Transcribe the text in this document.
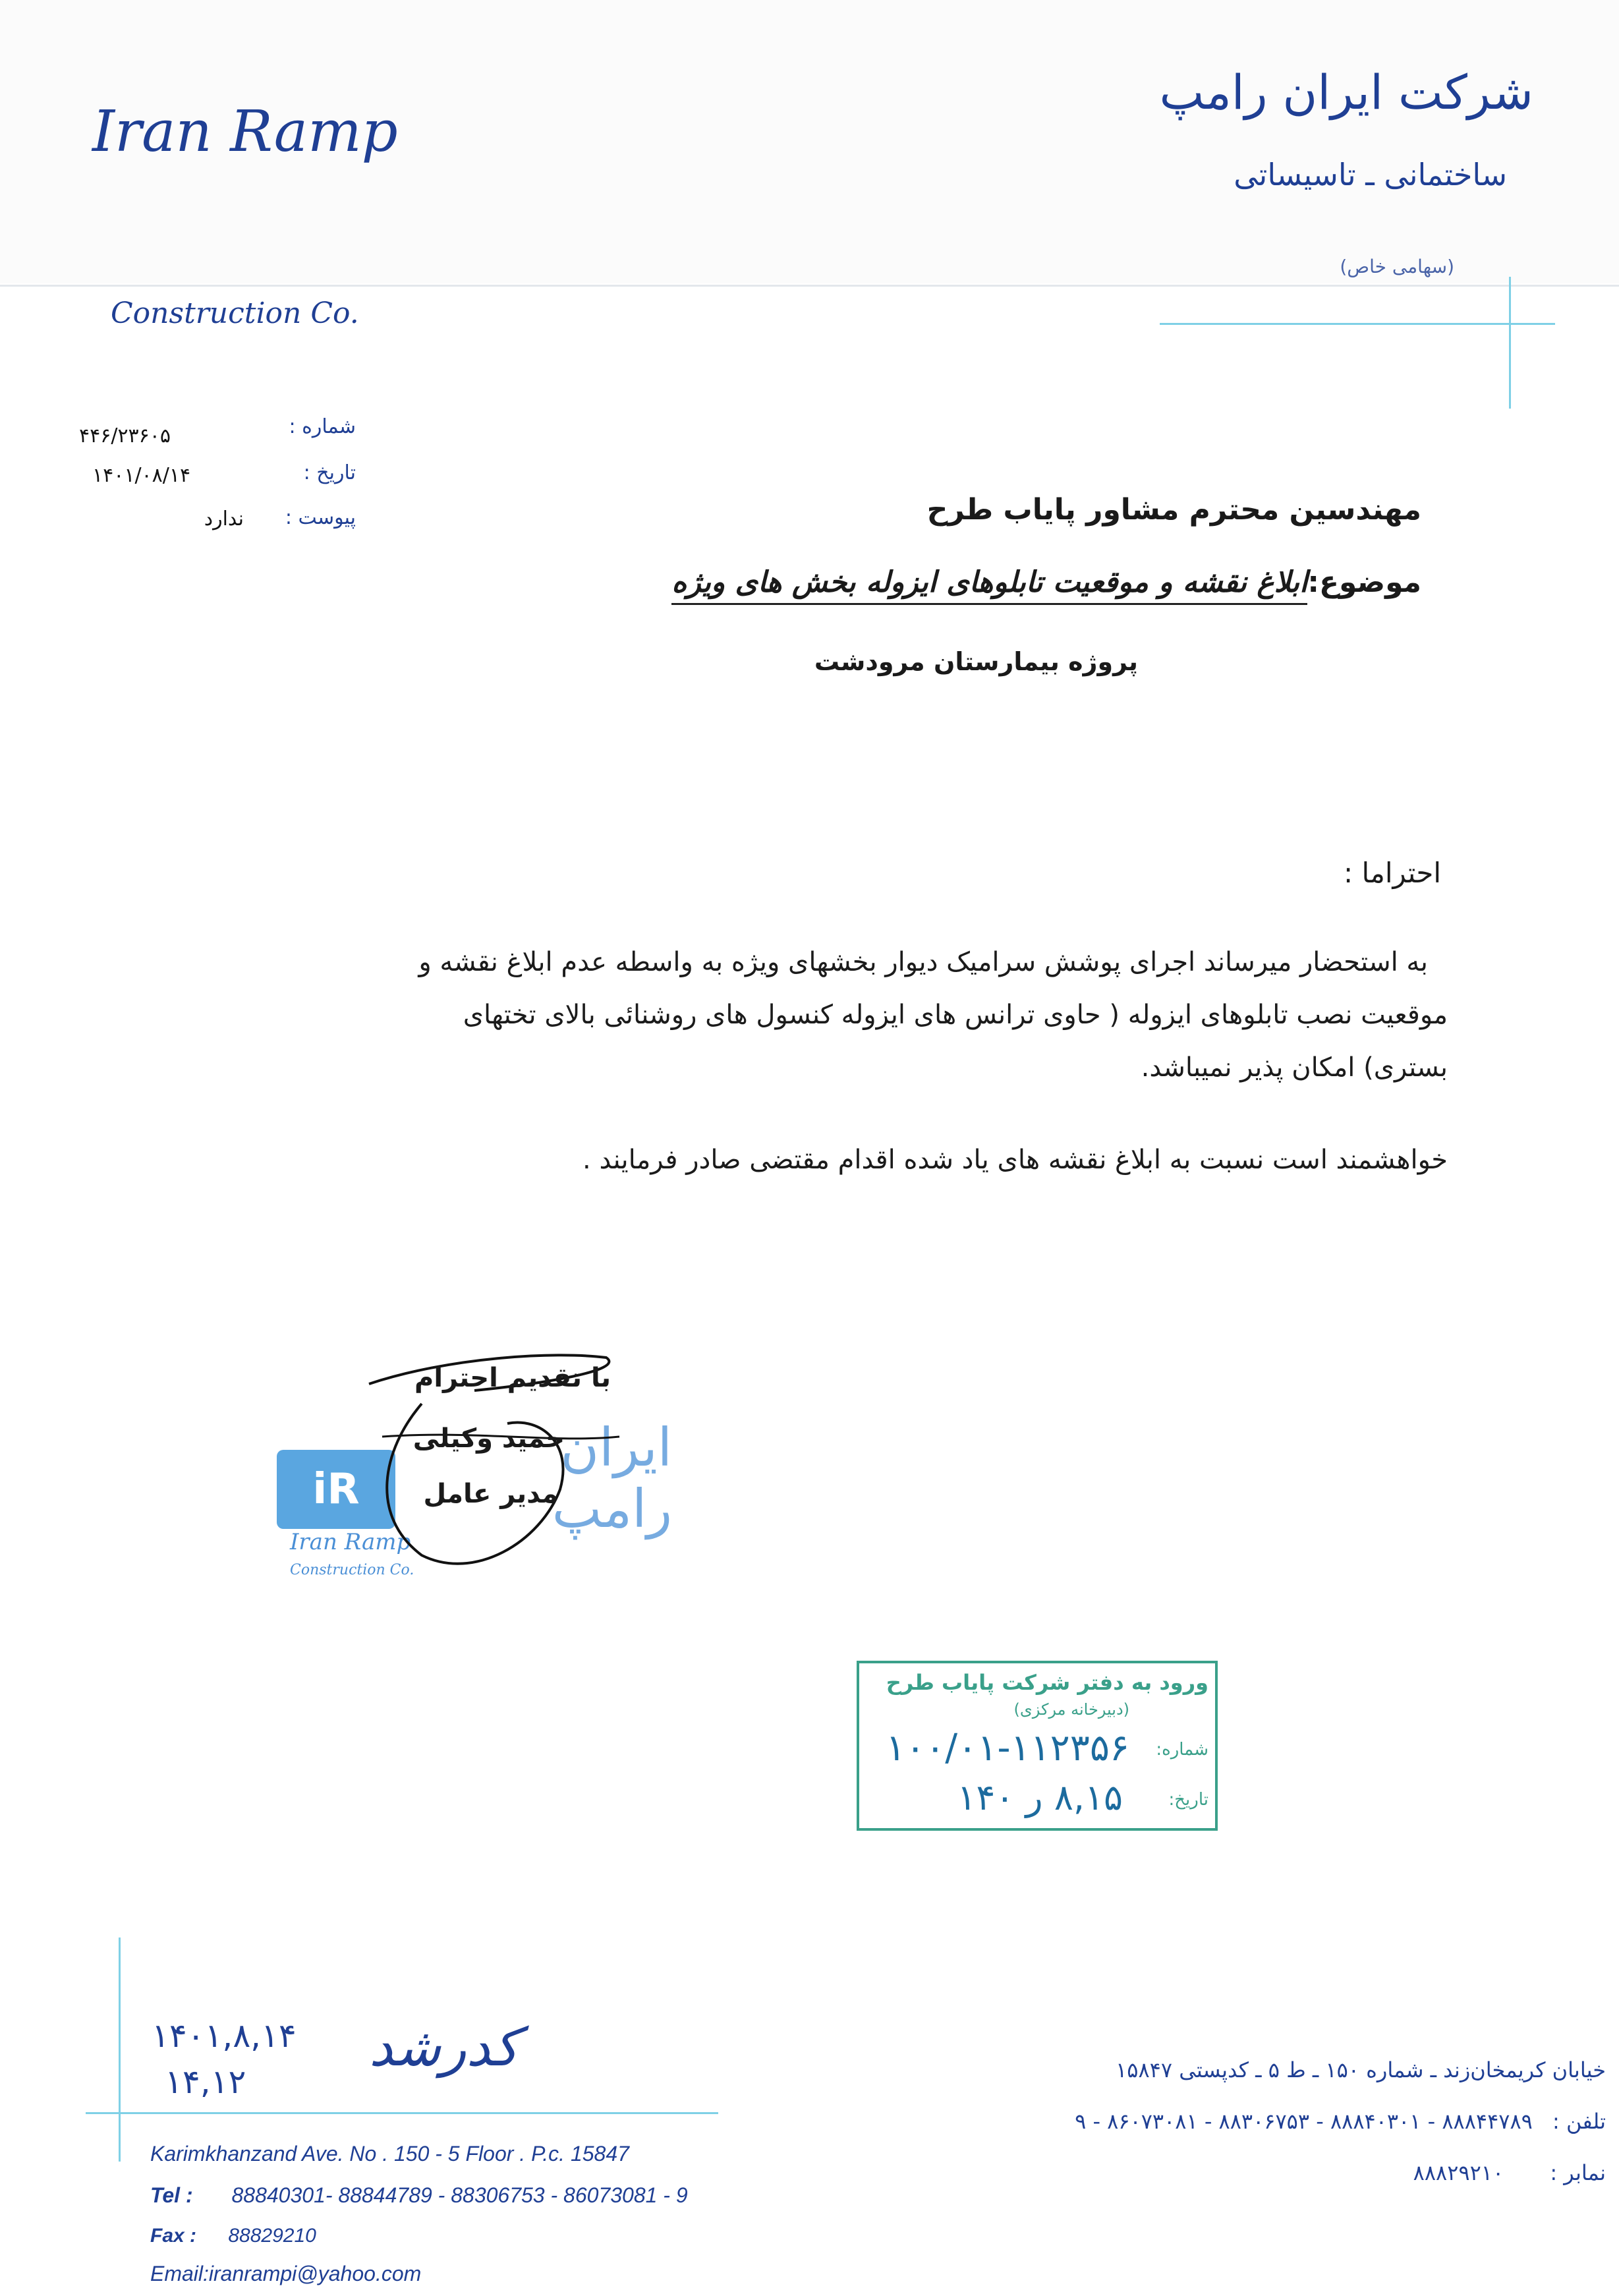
Iran Ramp
Construction Co.
شرکت ایران رامپ
ساختمانی ـ تاسیساتی
(سهامی خاص)
شماره :
۴۴۶/۲۳۶۰۵
تاریخ :
۱۴۰۱/۰۸/۱۴
پیوست :
ندارد	مهندسین محترم مشاور پایاب طرح
موضوع:ابلاغ نقشه و موقعیت تابلوهای ایزوله بخش های ویژه
پروژه بیمارستان مرودشت
احتراما :
به استحضار میرساند اجرای پوشش سرامیک دیوار بخشهای ویژه به واسطه عدم ابلاغ نقشه و
موقعیت نصب تابلوهای ایزوله ( حاوی ترانس های ایزوله کنسول های روشنائی بالای تختهای
بستری) امکان پذیر نمیباشد.
خواهشمند است نسبت به ابلاغ نقشه های یاد شده اقدام مقتضی صادر فرمایند .
iR
ایران رامپ
Iran Ramp
Construction Co.
با تقدیم احترام
حمید وکیلی
مدیر عامل
ورود به دفتر شرکت پایاب طرح
(دبیرخانه مرکزی)
شماره:
۱۰۰/۰۱-۱۱۲۳۵۶
تاریخ:
۸,۱۵ ر ۱۴۰
۱۴۰۱,۸,۱۴
۱۴,۱۲
کدرشد
Karimkhanzand Ave. No . 150 - 5 Floor . P.c. 15847
Tel : 88840301- 88844789 - 88306753 - 86073081 - 9
Fax : 88829210
Email:iranrampi@yahoo.com
خیابان کریمخان‌زند ـ شماره ۱۵۰ ـ ط ۵ ـ کدپستی ۱۵۸۴۷
تلفن : ۸۸۸۴۴۷۸۹ - ۸۸۸۴۰۳۰۱ - ۸۸۳۰۶۷۵۳ - ۸۶۰۷۳۰۸۱ - ۹
نمابر : ۸۸۸۲۹۲۱۰
